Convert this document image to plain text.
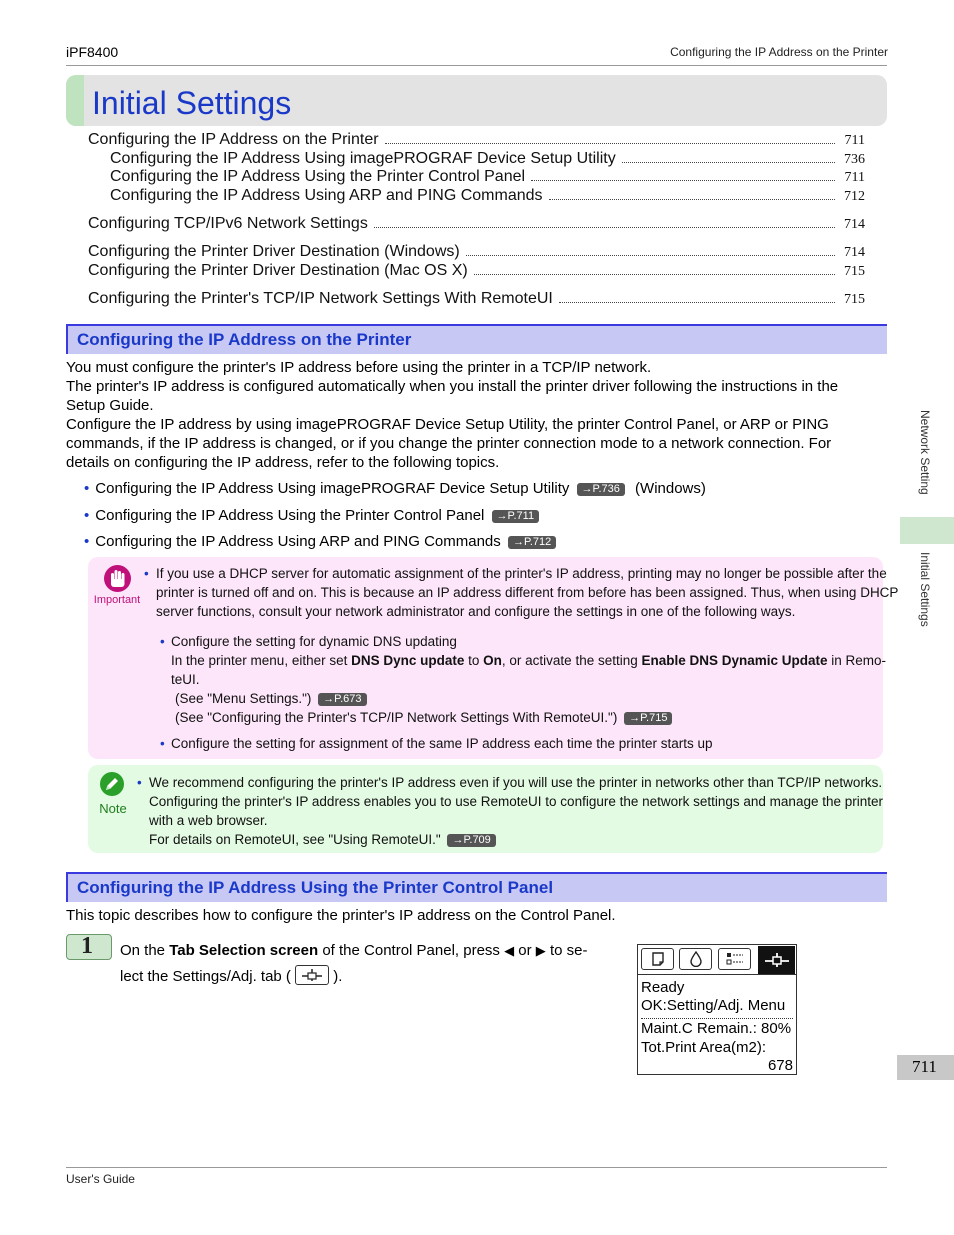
iPF8400	Configuring the IP Address on the Printer
Initial Settings
Configuring the IP Address on the Printer	711
Configuring the IP Address Using imagePROGRAF Device Setup Utility	736
Configuring the IP Address Using the Printer Control Panel	711
Configuring the IP Address Using ARP and PING Commands	712
Configuring TCP/IPv6 Network Settings	714
Configuring the Printer Driver Destination (Windows)	714
Configuring the Printer Driver Destination (Mac OS X)	715
Configuring the Printer's TCP/IP Network Settings With RemoteUI	715
Configuring the IP Address on the Printer
You must configure the printer's IP address before using the printer in a TCP/IP network.
The printer's IP address is configured automatically when you install the printer driver following the instructions in the Setup Guide.
Configure the IP address by using imagePROGRAF Device Setup Utility, the printer Control Panel, or ARP or PING commands, if the IP address is changed, or if you change the printer connection mode to a network connection. For details on configuring the IP address, refer to the following topics.
• Configuring the IP Address Using imagePROGRAF Device Setup Utility →P.736 (Windows)
• Configuring the IP Address Using the Printer Control Panel →P.711
• Configuring the IP Address Using ARP and PING Commands →P.712
Important
• If you use a DHCP server for automatic assignment of the printer's IP address, printing may no longer be possible after the
printer is turned off and on. This is because an IP address different from before has been assigned. Thus, when using DHCP
server functions, consult your network administrator and configure the settings in one of the following ways.
• Configure the setting for dynamic DNS updating
In the printer menu, either set DNS Dync update to On, or activate the setting Enable DNS Dynamic Update in Remo-
teUI.
(See "Menu Settings.") →P.673
(See "Configuring the Printer's TCP/IP Network Settings With RemoteUI.") →P.715
• Configure the setting for assignment of the same IP address each time the printer starts up
Note
• We recommend configuring the printer's IP address even if you will use the printer in networks other than TCP/IP networks.
Configuring the printer's IP address enables you to use RemoteUI to configure the network settings and manage the printer
with a web browser.
For details on RemoteUI, see "Using RemoteUI." →P.709
Configuring the IP Address Using the Printer Control Panel
This topic describes how to configure the printer's IP address on the Control Panel.
1 On the Tab Selection screen of the Control Panel, press ◀ or ▶ to se-
lect the Settings/Adj. tab (	).
Ready
OK:Setting/Adj. Menu
Maint.C Remain.: 80%
Tot.Print Area(m2):
678
Network Setting
Initial Settings
711
User's Guide
